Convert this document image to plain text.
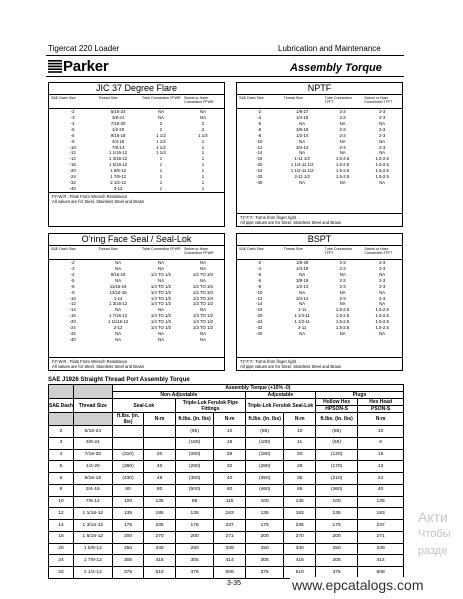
Tigercat 220 Loader	Lubrication and Maintenance
Parker	Assembly Torque
JIC 37 Degree Flare
SAE Dash Size	Thread Size	Tube Connection FFWR Swivel or Hose Connection FFWR
-2	5/16-24	NA	NA
-3	3/8-24	NA	NA
-4	7/16-20	2	2
-5	1/2-20	2	2
-6	9/16-18	1 1/2	1 1/4
-8	3/4-16	1 1/2	1
-10	7/8-14	1 1/2	1
-12	1 1/16-12	1 1/4	1
-14	1 3/16-12	1	1
-16	1 5/16-12	1	1
-20	1 5/8-12	1	1
-24	1 7/8-12	1	1
-32	2 1/2-12	1	1
-40	3-12	1	1
F.F.W.R.: Flats From Wrench Resistance
All values are for Steel, Stainless Steel and Brass
NPTF
SAE Dash Size	Thread Size	Tube Connection TFFT
Swivel or Hose Connection TFFT
-2	1/8-27	2-3	2-3
-4	1/4-18	2-3	2-3
-5	NA	NA	NA
-6	3/8-18	2-3	2-3
-8	1/2-14	2-3	2-3
-10	NA	NA	NA
-12	3/4-14	2-3	2-3
-14	NA	NA	NA
-16	1-11 1/2	1.5-2.5	1.5-2.5
-20	1 1/4-11 1/2	1.5-2.5	1.5-2.5
-24	1 1/2-11 1/2	1.5-2.5	1.5-2.5
-32	2-11 1/2	1.5-2.5	1.5-2.5
-40	NA	NA	NA
T.F.F.T.: Turns from finger tight
All pipe values are for Steel, Stainless Steel and Brass
O'ring Face Seal / Seal-Lok
SAE Dash Size	Thread Size	Tube Connection FFWR Swivel or Hose Connection FFWR
-2	NA	NA	NA
-3	NA	NA	NA
-4	9/16-18	1/4 TO 1/2	1/2 TO 3/4
-5	NA	NA	NA
-6	11/16-16	1/4 TO 1/2	1/2 TO 3/4
-8	13/16-16	1/4 TO 1/2	1/2 TO 3/4
-10	1-14	1/4 TO 1/2	1/2 TO 3/4
-12	1 3/16-12	1/4 TO 1/2	1/3 TO 1/2
-14	NA	NA	NA
-16	1 7/16-12	1/4 TO 1/2	1/3 TO 1/2
-20	1 11/16-12	1/4 TO 1/2	1/3 TO 1/2
-24	2-12	1/4 TO 1/2	1/3 TO 1/2
-32	NA	NA	NA
-40	NA	NA	NA
F.F.W.R.: Flats From Wrench Resistance
All values are for Steel, Stainless Steel and Brass
BSPT
SAE Dash Size	Thread Size	Tube Connection TFFT
Swivel or Hose Connection TFFT
-2	1/8-28	2-3	2-3
-4	1/4-19	2-3	2-3
-5	NA	NA	NA
-6	3/8-19	2-3	2-3
-8	1/2-14	2-3	2-3
-10	NA	NA	NA
-12	3/4-14	2-3	2-3
-14	NA	NA	NA
-16	1-11	1.5-2.5	1.5-2.5
-20	1 1/4-11	1.5-2.5	1.5-2.5
-24	1 1/2-11	1.5-2.5	1.5-2.5
-32	2-11	1.5-2.5	1.5-2.5
-40	NA	NA	NA
T.F.F.T.: Turns from finger tight
All pipe values are for Steel, Stainless Steel and Brass
SAE J1926 Straight Thread Port Assembly Torque
		Assembly Torque (+10% -0)							
		Non-Adjustable				Adjustable		Plugs	
SAE Dash	Thread Size	Seal-Lok		Triple-Lok Ferulok Pipe Fittings		Triple-Lok Ferulok Seal-Lok		Hollow Hex	Hex Head
								HPSON-S	PSON-S
		ft.lbs. (in. lbs)	N-m	ft.lbs. (in. lbs)	N-m	ft.lbs. (in. lbs)	N-m	ft.lbs. (in. lbs)	N-m
2	5/16-24			(85)	10	(85)	10	(85)	10
3	3/8-24			(155)	18	(100)	11	(55)	6
4	7/16-20	(310)	20	(260)	29	(180)	20	(120)	15
5	1/2-20	(360)	40	(280)	32	(280)	28	(170)	13
6	9/16-18	(430)	48	(350)	40	(350)	35	(210)	24
8	3/4-16	60	80	(500)	60	(460)	65	(360)	40
10	7/8-14	100	135	85	115	100	135	100	135
12	1 1/16-12	135	185	135	183	135	183	135	183
14	1 3/16-12	175	235	175	237	175	235	175	237
16	1 5/16-12	200	270	200	271	200	270	200	271
20	1 5/8-12	250	340	250	339	250	340	250	339
24	1 7/8-12	305	415	305	414	305	415	305	414
32	2 1/2-12	375	510	375	508	375	510	375	508
Акти
Чтобы
разде
3-35	www.epcatalogs.com
